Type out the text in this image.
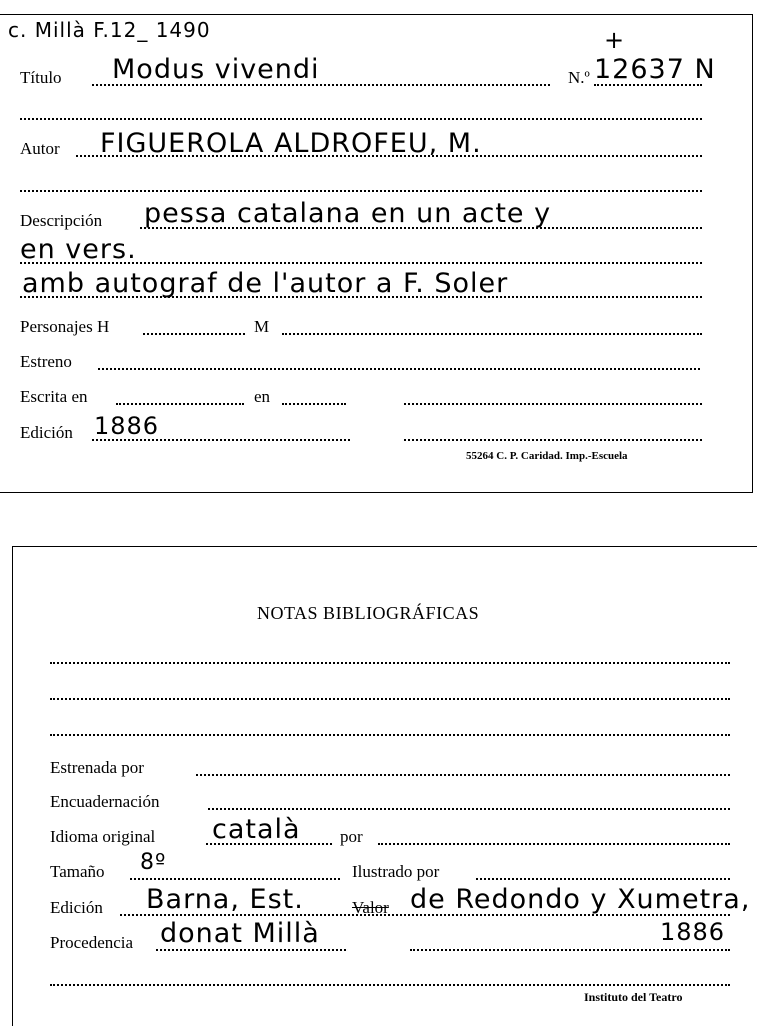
c. Millà F.12_ 1490	+
Título Modus vivendi	N.º 12637 N
Autor FIGUEROLA ALDROFEU, M.
Descripción pessa catalana en un acte y
en vers.
amb autograf de l'autor a F. Soler
Personajes H	M
Estreno
Escrita en	en
Edición 1886
55264 C. P. Caridad. Imp.-Escuela
NOTAS BIBLIOGRÁFICAS
Estrenada por
Encuadernación
Idioma original català por
Tamaño 8º	Ilustrado por
Edición Barna, Est.	Valor de Redondo y Xumetra,
Procedencia donat Millà	1886
Instituto del Teatro
